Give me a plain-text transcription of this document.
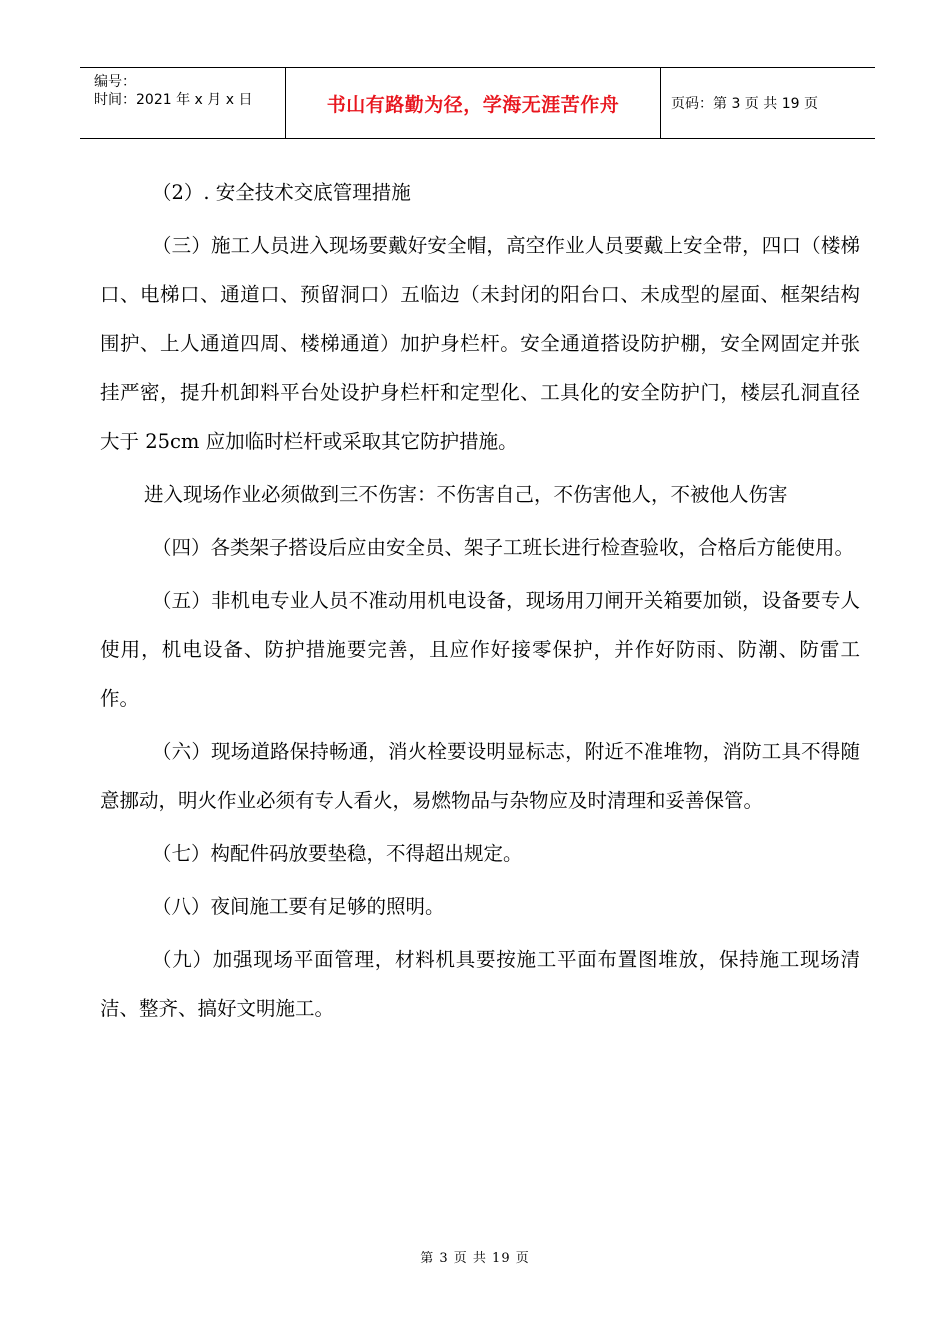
编号：
时间：2021 年 x 月 x 日	书山有路勤为径，学海无涯苦作舟	页码：第 3 页 共 19 页

（2）. 安全技术交底管理措施

（三）施工人员进入现场要戴好安全帽，高空作业人员要戴上安全带，四口（楼梯口、电梯口、通道口、预留洞口）五临边（未封闭的阳台口、未成型的屋面、框架结构围护、上人通道四周、楼梯通道）加护身栏杆。安全通道搭设防护棚，安全网固定并张挂严密，提升机卸料平台处设护身栏杆和定型化、工具化的安全防护门，楼层孔洞直径大于 25cm 应加临时栏杆或采取其它防护措施。

进入现场作业必须做到三不伤害：不伤害自己，不伤害他人，不被他人伤害

（四）各类架子搭设后应由安全员、架子工班长进行检查验收，合格后方能使用。

（五）非机电专业人员不准动用机电设备，现场用刀闸开关箱要加锁，设备要专人使用，机电设备、防护措施要完善，且应作好接零保护，并作好防雨、防潮、防雷工作。

（六）现场道路保持畅通，消火栓要设明显标志，附近不准堆物，消防工具不得随意挪动，明火作业必须有专人看火，易燃物品与杂物应及时清理和妥善保管。

（七）构配件码放要垫稳，不得超出规定。

（八）夜间施工要有足够的照明。

（九）加强现场平面管理，材料机具要按施工平面布置图堆放，保持施工现场清洁、整齐、搞好文明施工。

第 3 页 共 19 页
